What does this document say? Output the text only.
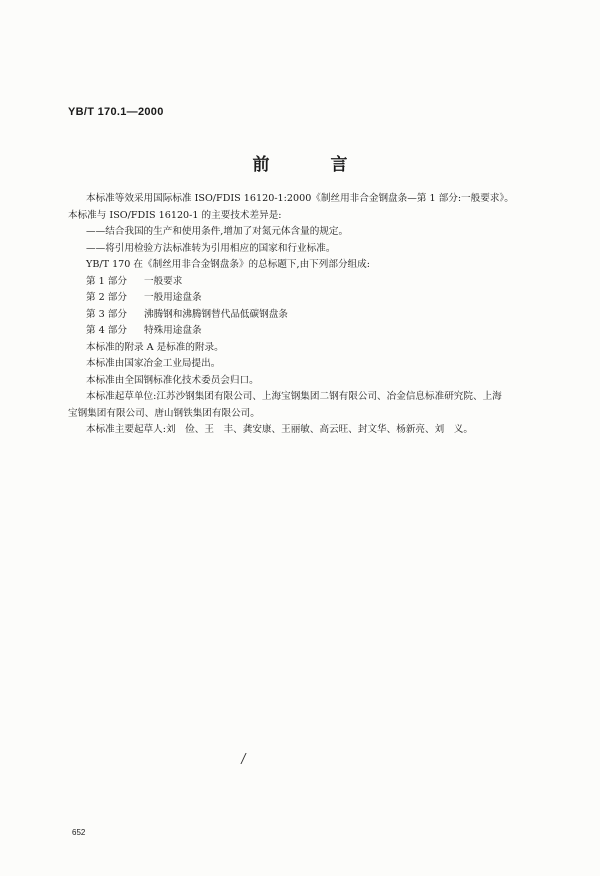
YB/T 170.1—2000
前　言

本标准等效采用国际标准 ISO/FDIS 16120-1:2000《制丝用非合金钢盘条—第 1 部分:一般要求》。

本标准与 ISO/FDIS 16120-1 的主要技术差异是:

——结合我国的生产和使用条件,增加了对氮元体含量的规定。

——将引用检验方法标准转为引用相应的国家和行业标准。

YB/T 170 在《制丝用非合金钢盘条》的总标题下,由下列部分组成:

第 1 部分 一般要求

第 2 部分 一般用途盘条

第 3 部分 沸腾钢和沸腾钢替代品低碳钢盘条

第 4 部分 特殊用途盘条

本标准的附录 A 是标准的附录。

本标准由国家冶金工业局提出。

本标准由全国钢标准化技术委员会归口。

本标准起草单位:江苏沙钢集团有限公司、上海宝钢集团二钢有限公司、冶金信息标准研究院、上海

宝钢集团有限公司、唐山钢铁集团有限公司。

本标准主要起草人:刘　俭、王　丰、龚安康、王丽敏、高云旺、封文华、杨新亮、刘　义。

652
